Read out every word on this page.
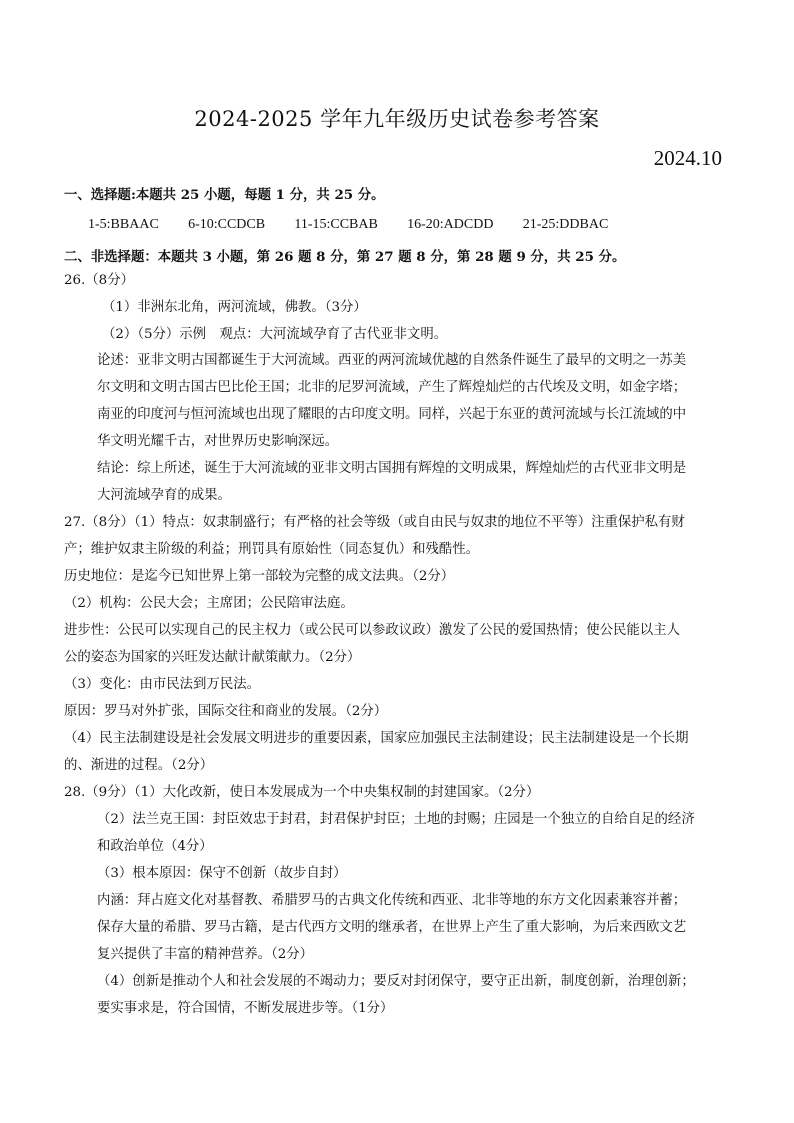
2024-2025 学年九年级历史试卷参考答案
2024.10
一、选择题:本题共 25 小题，每题 1 分，共 25 分。
1-5:BBAAC 6-10:CCDCB 11-15:CCBAB 16-20:ADCDD 21-25:DDBAC
二、非选择题：本题共 3 小题，第 26 题 8 分，第 27 题 8 分，第 28 题 9 分，共 25 分。
26.（8分）
（1）非洲东北角，两河流域，佛教。（3分）
（2）（5分）示例　观点：大河流域孕育了古代亚非文明。
论述：亚非文明古国都诞生于大河流域。西亚的两河流域优越的自然条件诞生了最早的文明之一苏美
尔文明和文明古国古巴比伦王国；北非的尼罗河流域，产生了辉煌灿烂的古代埃及文明，如金字塔；
南亚的印度河与恒河流域也出现了耀眼的古印度文明。同样，兴起于东亚的黄河流域与长江流域的中
华文明光耀千古，对世界历史影响深远。
结论：综上所述，诞生于大河流域的亚非文明古国拥有辉煌的文明成果，辉煌灿烂的古代亚非文明是
大河流域孕育的成果。
27.（8分）（1）特点：奴隶制盛行；有严格的社会等级（或自由民与奴隶的地位不平等）注重保护私有财
产；维护奴隶主阶级的利益；刑罚具有原始性（同态复仇）和残酷性。
历史地位：是迄今已知世界上第一部较为完整的成文法典。（2分）
（2）机构：公民大会；主席团；公民陪审法庭。
进步性：公民可以实现自己的民主权力（或公民可以参政议政）激发了公民的爱国热情；使公民能以主人
公的姿态为国家的兴旺发达献计献策献力。（2分）
（3）变化：由市民法到万民法。
原因：罗马对外扩张，国际交往和商业的发展。（2分）
（4）民主法制建设是社会发展文明进步的重要因素，国家应加强民主法制建设；民主法制建设是一个长期
的、渐进的过程。（2分）
28.（9分）（1）大化改新，使日本发展成为一个中央集权制的封建国家。（2分）
（2）法兰克王国：封臣效忠于封君，封君保护封臣；土地的封赐；庄园是一个独立的自给自足的经济
和政治单位（4分）
（3）根本原因：保守不创新（故步自封）
内涵：拜占庭文化对基督教、希腊罗马的古典文化传统和西亚、北非等地的东方文化因素兼容并蓄；
保存大量的希腊、罗马古籍，是古代西方文明的继承者，在世界上产生了重大影响，为后来西欧文艺
复兴提供了丰富的精神营养。（2分）
（4）创新是推动个人和社会发展的不竭动力；要反对封闭保守，要守正出新，制度创新，治理创新；
要实事求是，符合国情，不断发展进步等。（1分）
